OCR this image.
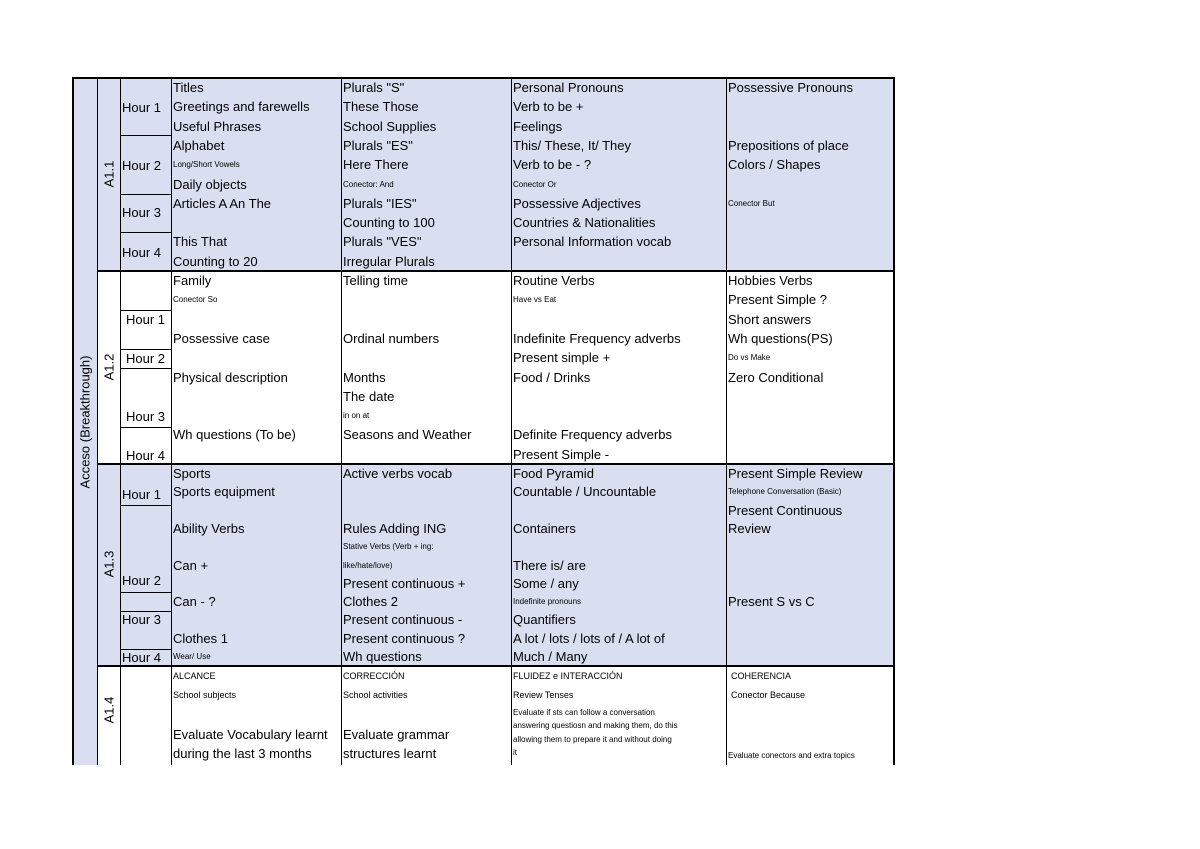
Acceso (Breakthrough)
A1.1
Hour 1
Hour 2
Hour 3
Hour 4
Titles
Greetings and farewells
Useful Phrases
Alphabet
Long/Short Vowels
Daily objects
Articles A An The
This That
Counting to 20
Plurals "S"
These Those
School Supplies
Plurals "ES"
Here There
Conector: And
Plurals "IES"
Counting to 100
Plurals "VES"
Irregular Plurals
Personal Pronouns
Verb to be +
Feelings
This/ These, It/ They
Verb to be - ?
Conector Or
Possessive Adjectives
Countries & Nationalities
Personal Information vocab
Possessive Pronouns
Prepositions of place
Colors / Shapes
Conector But
A1.2
Hour 1
Hour 2
Hour 3
Hour 4
Family
Conector So
Possessive case
Physical description
Wh questions (To be)
Telling time
Ordinal numbers
Months
The date
in on at
Seasons and Weather
Routine Verbs
Have vs Eat
Indefinite Frequency adverbs
Present simple +
Food / Drinks
Definite Frequency adverbs
Present Simple -
Hobbies Verbs
Present Simple ?
Short answers
Wh questions(PS)
Do vs Make
Zero Conditional
A1.3
Hour 1
Hour 2
Hour 3
Hour 4
Sports
Sports equipment
Ability Verbs
Can +
Can - ?
Clothes 1
Wear/ Use
Active verbs vocab
Rules Adding ING
Stative Verbs (Verb + ing:
like/hate/love)
Present continuous +
Clothes 2
Present continuous -
Present continuous ?
Wh questions
Food Pyramid
Countable / Uncountable
Containers
There is/ are
Some / any
Indefinite pronouns
Quantifiers
A lot / lots / lots of / A lot of
Much / Many
Present Simple Review
Telephone Conversation (Basic)
Present Continuous
Review
Present S vs C
A1.4
ALCANCE
School subjects
Evaluate Vocabulary learnt
during the last 3 months
CORRECCIÓN
School activities
Evaluate grammar
structures learnt
FLUIDEZ e INTERACCIÓN
Review Tenses
Evaluate if sts can follow a conversation
answering questiosn and making them, do this
allowing them to prepare it and without doing
it
COHERENCIA
Conector Because
Evaluate conectors and extra topics
